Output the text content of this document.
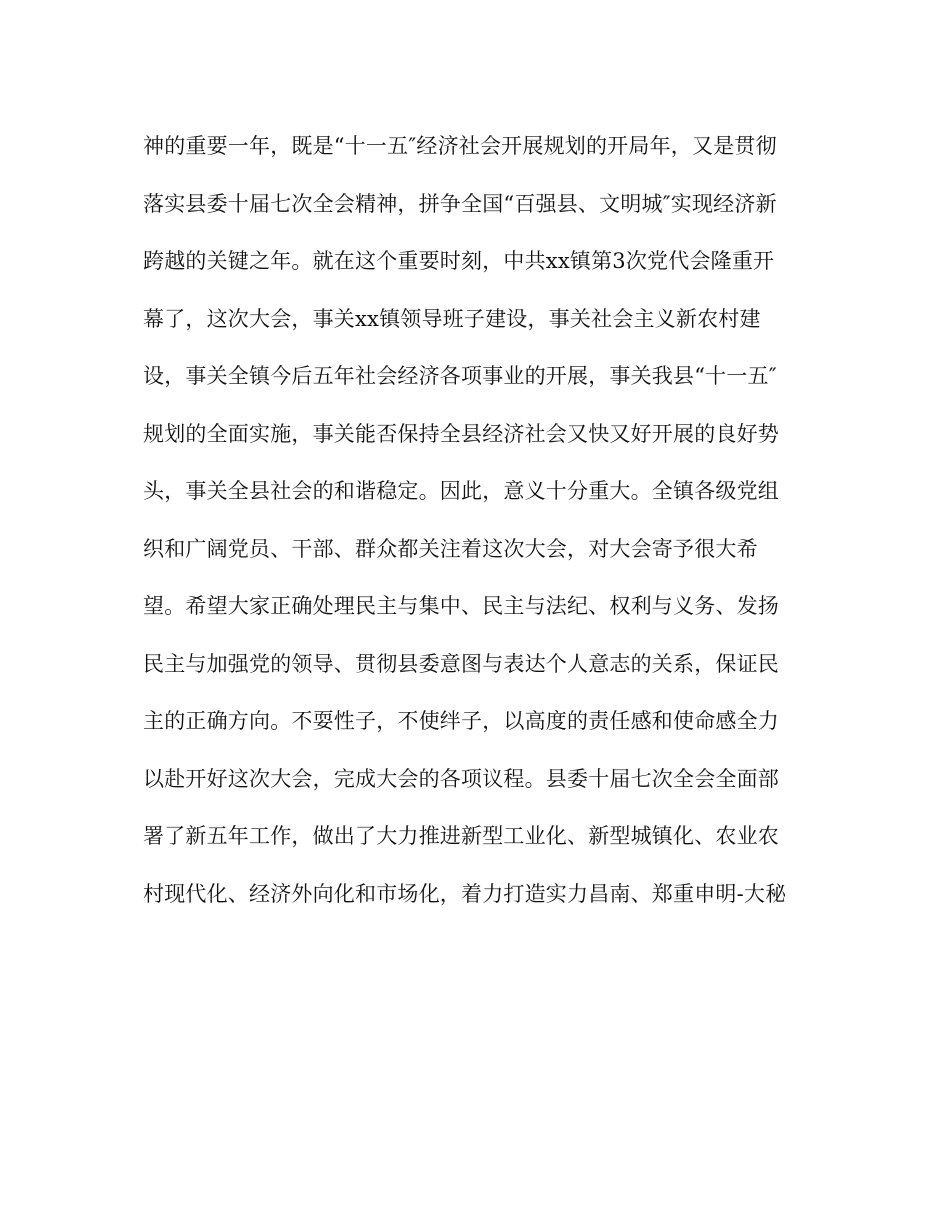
神的重要一年，既是“十一五″经济社会开展规划的开局年，又是贯彻
落实县委十届七次全会精神，拼争全国“百强县、文明城″实现经济新
跨越的关键之年。就在这个重要时刻，中共xx镇第3次党代会隆重开
幕了，这次大会，事关xx镇领导班子建设，事关社会主义新农村建
设，事关全镇今后五年社会经济各项事业的开展，事关我县“十一五″
规划的全面实施，事关能否保持全县经济社会又快又好开展的良好势
头，事关全县社会的和谐稳定。因此，意义十分重大。全镇各级党组
织和广阔党员、干部、群众都关注着这次大会，对大会寄予很大希
望。希望大家正确处理民主与集中、民主与法纪、权利与义务、发扬
民主与加强党的领导、贯彻县委意图与表达个人意志的关系，保证民
主的正确方向。不耍性子，不使绊子，以高度的责任感和使命感全力
以赴开好这次大会，完成大会的各项议程。县委十届七次全会全面部
署了新五年工作，做出了大力推进新型工业化、新型城镇化、农业农
村现代化、经济外向化和市场化，着力打造实力昌南、郑重申明-大秘
